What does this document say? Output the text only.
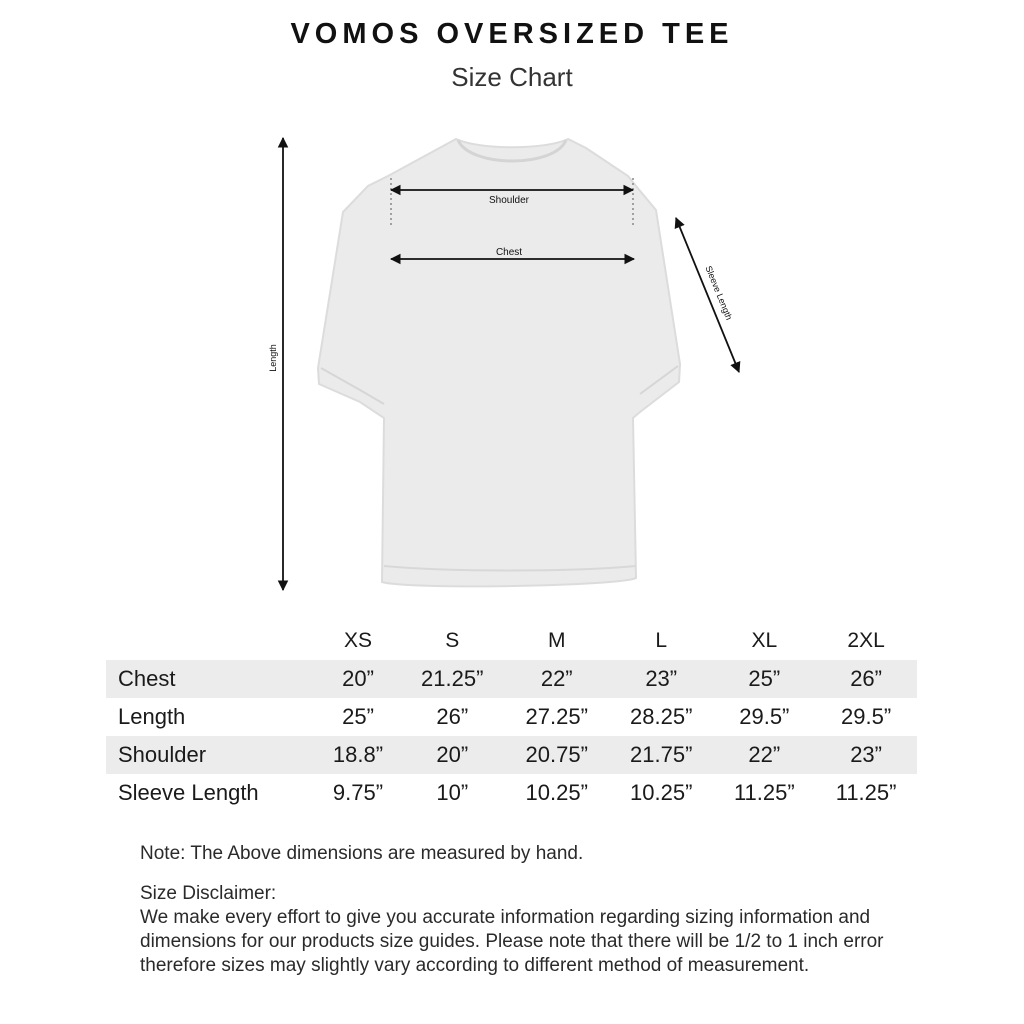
VOMOS OVERSIZED TEE
Size Chart
Shoulder
Chest
Length
Sleeve Length
	XS	S	M	L	XL	2XL
Chest	20”	21.25”	22”	23”	25”	26”
Length	25”	26”	27.25”	28.25”	29.5”	29.5”
Shoulder	18.8”	20”	20.75”	21.75”	22”	23”
Sleeve Length	9.75”	10”	10.25”	10.25”	11.25”	11.25”
Note: The Above dimensions are measured by hand.

Size Disclaimer:

We make every effort to give you accurate information regarding sizing information and dimensions for our products size guides. Please note that there will be 1/2 to 1 inch error therefore sizes may slightly vary according to different method of measurement.
